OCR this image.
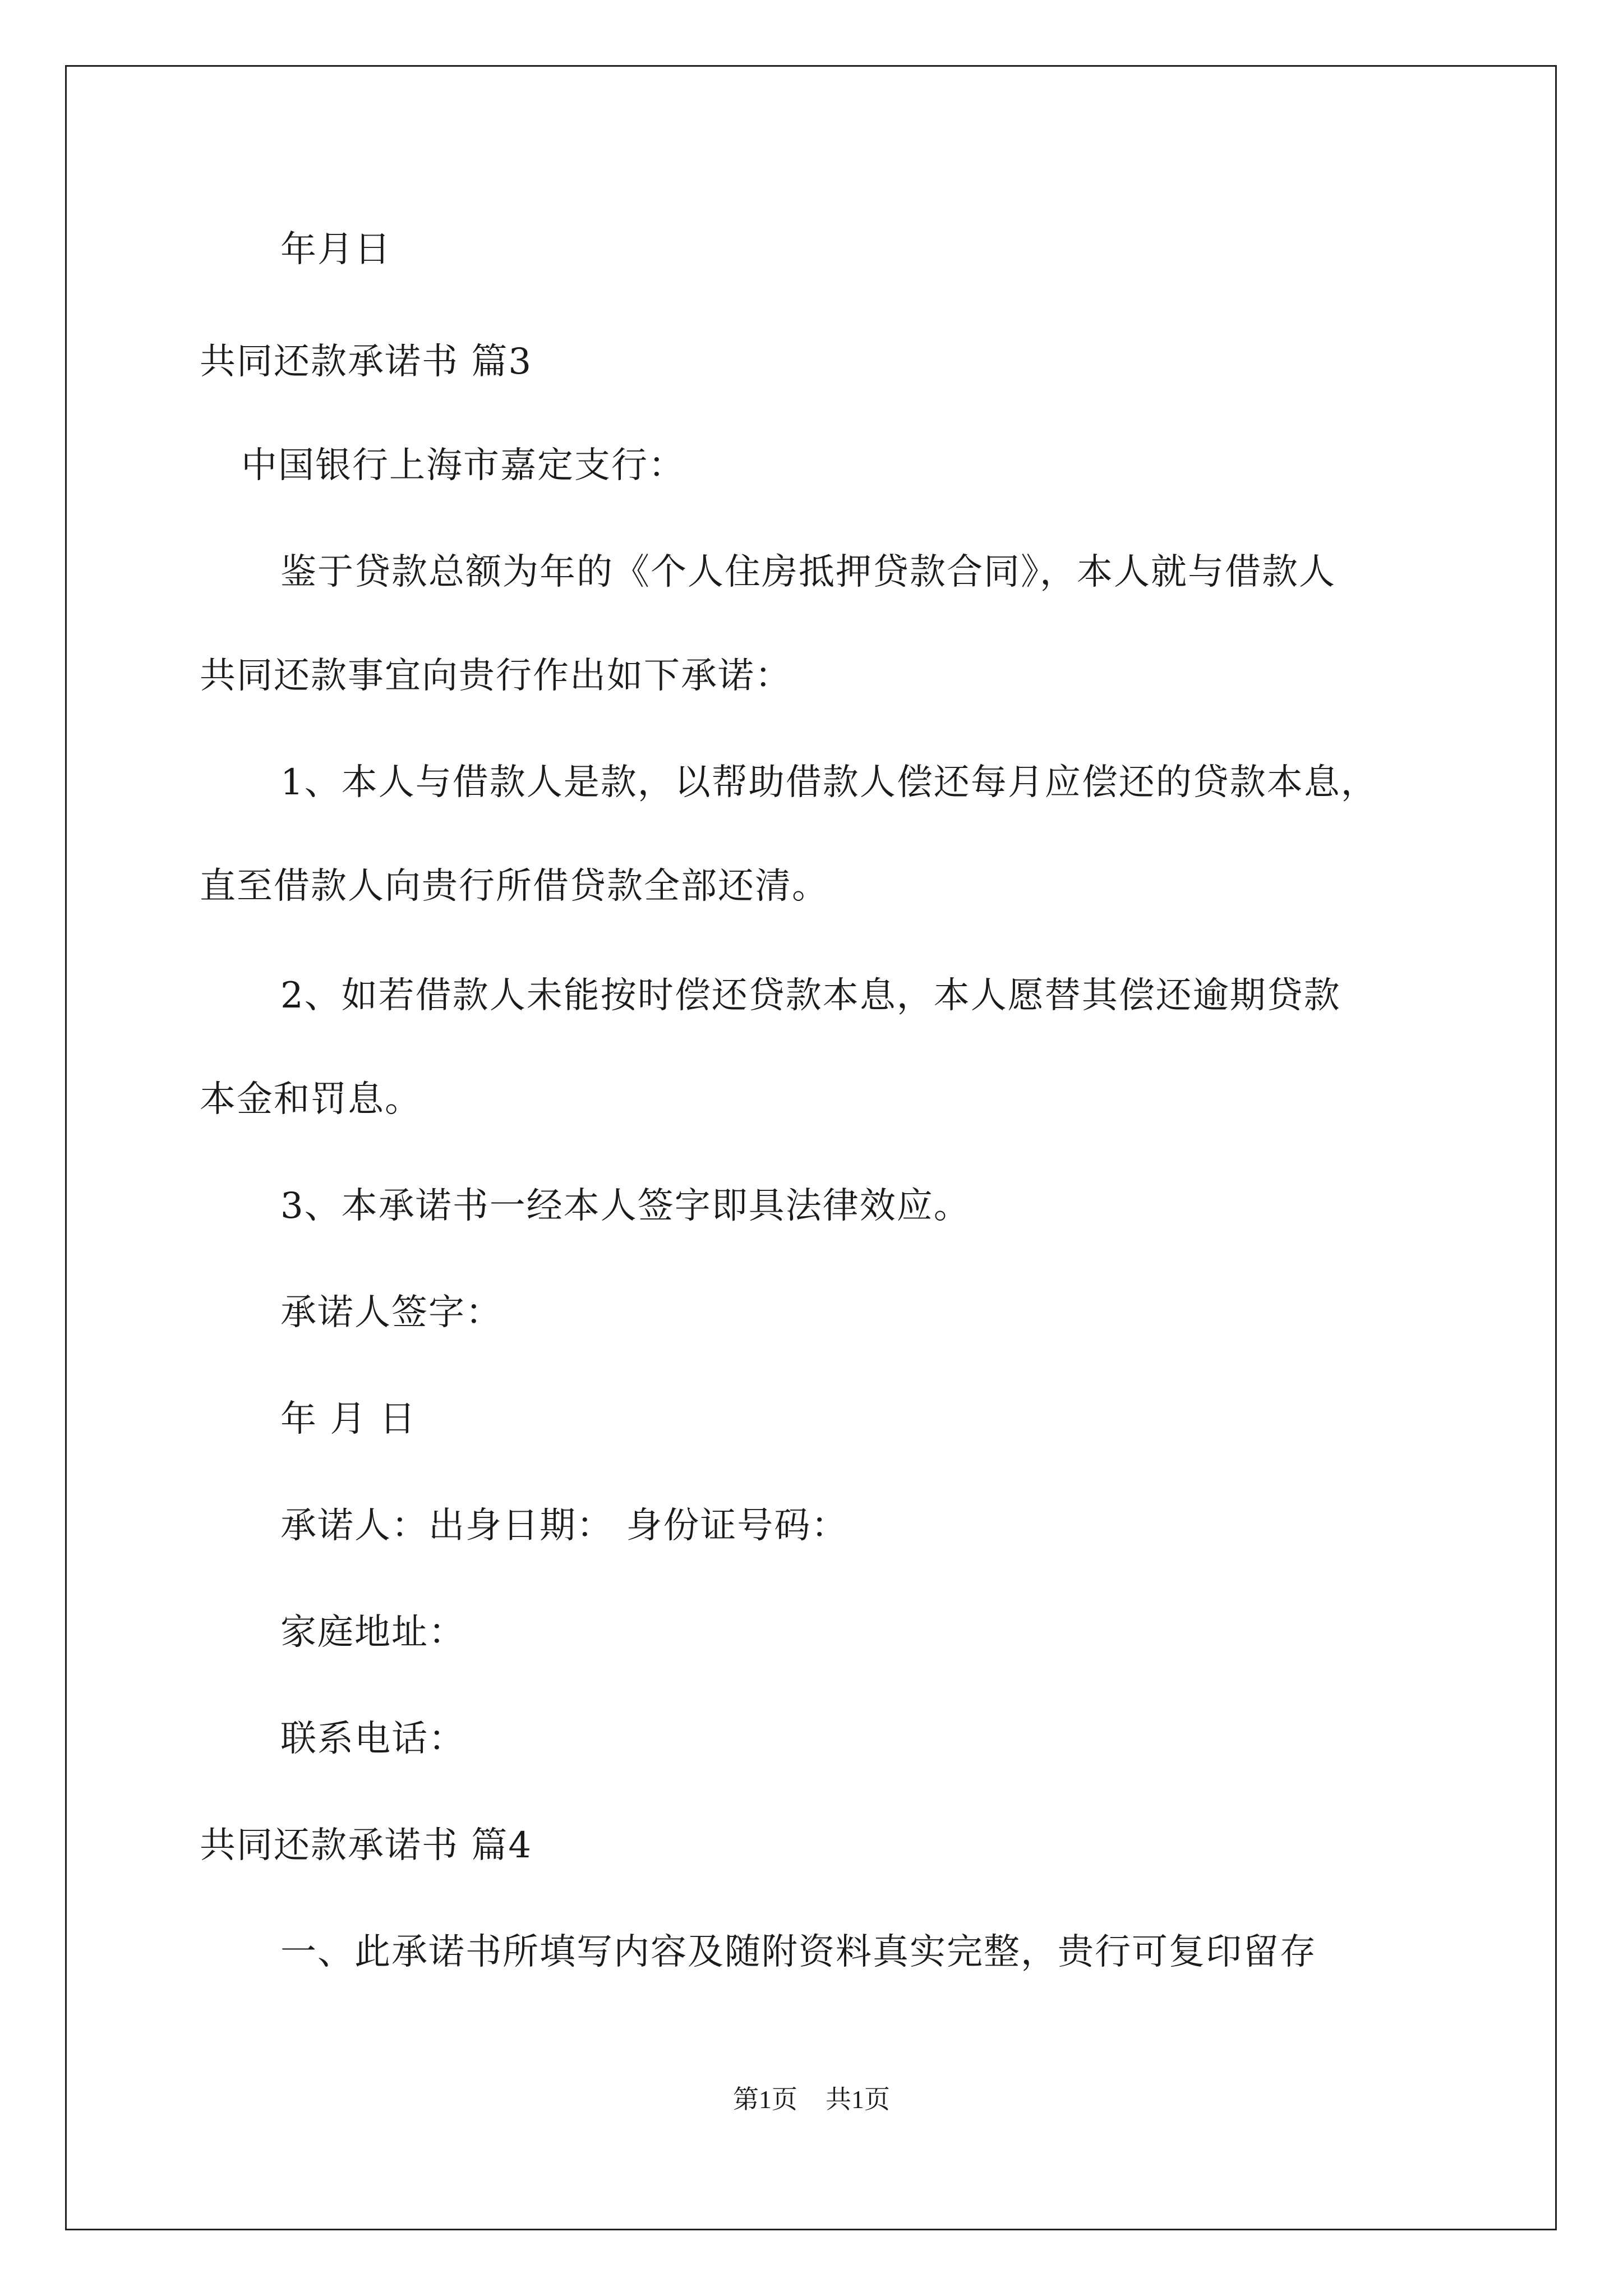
年月日
共同还款承诺书 篇3
中国银行上海市嘉定支行：
鉴于贷款总额为年的《个人住房抵押贷款合同》，本人就与借款人
共同还款事宜向贵行作出如下承诺：
1、本人与借款人是款，以帮助借款人偿还每月应偿还的贷款本息，
直至借款人向贵行所借贷款全部还清。
2、如若借款人未能按时偿还贷款本息，本人愿替其偿还逾期贷款
本金和罚息。
3、本承诺书一经本人签字即具法律效应。
承诺人签字：
年 月 日
承诺人：出身日期： 身份证号码：
家庭地址：
联系电话：
共同还款承诺书 篇4
一、此承诺书所填写内容及随附资料真实完整，贵行可复印留存
第1页 共1页
